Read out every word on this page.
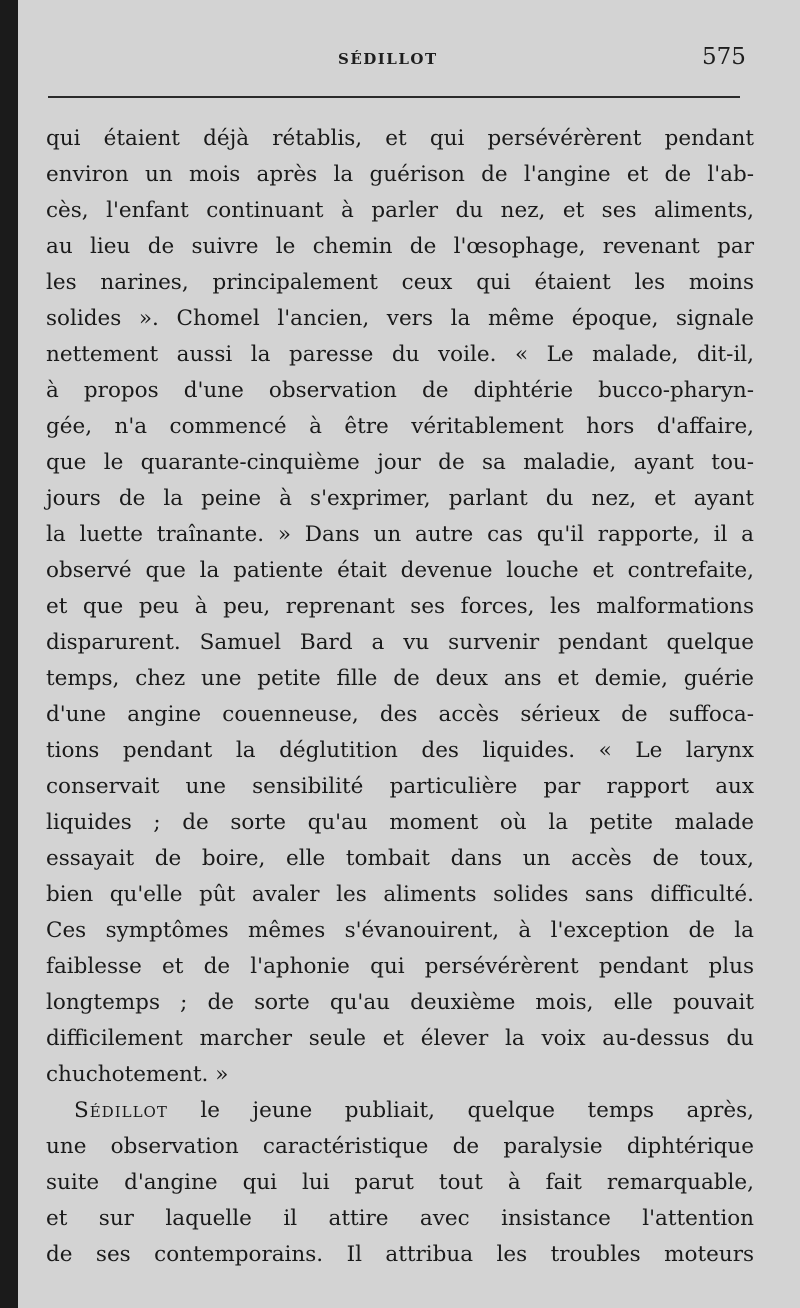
SÉDILLOT	575
qui étaient déjà rétablis, et qui persévérèrent pendant
environ un mois après la guérison de l'angine et de l'ab-
cès, l'enfant continuant à parler du nez, et ses aliments,
au lieu de suivre le chemin de l'œsophage, revenant par
les narines, principalement ceux qui étaient les moins
solides ». Chomel l'ancien, vers la même époque, signale
nettement aussi la paresse du voile. « Le malade, dit-il,
à propos d'une observation de diphtérie bucco-pharyn-
gée, n'a commencé à être véritablement hors d'affaire,
que le quarante-cinquième jour de sa maladie, ayant tou-
jours de la peine à s'exprimer, parlant du nez, et ayant
la luette traînante. » Dans un autre cas qu'il rapporte, il a
observé que la patiente était devenue louche et contrefaite,
et que peu à peu, reprenant ses forces, les malformations
disparurent. Samuel Bard a vu survenir pendant quelque
temps, chez une petite fille de deux ans et demie, guérie
d'une angine couenneuse, des accès sérieux de suffoca-
tions pendant la déglutition des liquides. « Le larynx
conservait une sensibilité particulière par rapport aux
liquides ; de sorte qu'au moment où la petite malade
essayait de boire, elle tombait dans un accès de toux,
bien qu'elle pût avaler les aliments solides sans difficulté.
Ces symptômes mêmes s'évanouirent, à l'exception de la
faiblesse et de l'aphonie qui persévérèrent pendant plus
longtemps ; de sorte qu'au deuxième mois, elle pouvait
difficilement marcher seule et élever la voix au-dessus du
chuchotement. »
Sédillot le jeune publiait, quelque temps après,
une observation caractéristique de paralysie diphtérique
suite d'angine qui lui parut tout à fait remarquable,
et sur laquelle il attire avec insistance l'attention
de ses contemporains. Il attribua les troubles moteurs
